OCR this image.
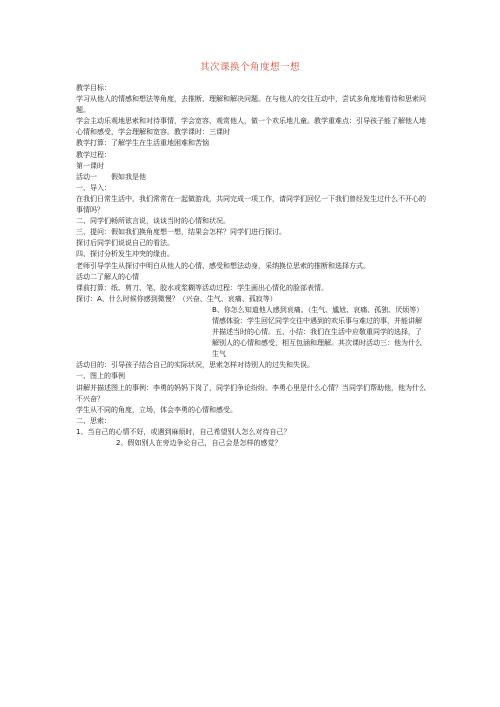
其次课换个角度想一想

教学目标：

学习从他人的情感和想法等角度，去推断、理解和解决问题。在与他人的交往互动中，尝试多角度地看待和思索问题。

学会主动乐观地思索和对待事情，学会宽容、观赏他人，做一个欢乐地儿童。教学重难点：引导孩子能了解他人地心情和感受，学会理解和宽容。教学课时：三课时

教学打算：了解学生在生活重地困难和苦恼

教学过程：

第一课时

活动一 假如我是他

一、导入：

在我们日常生活中，我们常常在一起做游戏，共同完成一项工作，请同学们回忆一下我们曾经发生过什么不开心的事情吗？

二、同学们畅所欲言说，谈谈当时的心情和状况。

三、提问：假如我们换角度想一想，结果会怎样？同学们进行探讨。

探讨后同学们说说自己的看法。

四、探讨分析发生冲突的缘由。

老师引导学生从探讨中明白从他人的心情、感受和想法动身，采纳换位思索的推断和选择方式。

活动二了解人的心情

课前打算：纸、剪刀、笔、胶水或浆糊等活动过程：学生画出心情化的脸部表情。

探讨：A、什么时候你感到微慢？（兴奋、生气、哀痛、孤寂等）

B、你怎么知道他人感到哀痛。（生气、尴尬、哀痛、孤独、厌烦等）情感体验：学生回忆同学交往中遇到的欢乐事与难过的事，并能讲解并描述当时的心情。五、小结：我们在生活中应敬重同学的选择，了解别人的心情和感受，相互包涵和理解。其次课时活动三：他为什么生气

活动目的：引导孩子结合自己的实际状况，思索怎样对待别人的过失和失误。

一、图上的事例

讲解并描述图上的事例：李勇的妈妈下岗了，同学们争论纷纷。李勇心里是什么心情？当同学们帮助他，他为什么不兴奋？

学生从不同的角度，立场，体会李勇的心情和感受。

二、思索：

1、当自己的心情不好，或遇到麻烦时，自己希望别人怎么对待自己？

2、假如别人在旁边争论自己，自己会是怎样的感觉？
